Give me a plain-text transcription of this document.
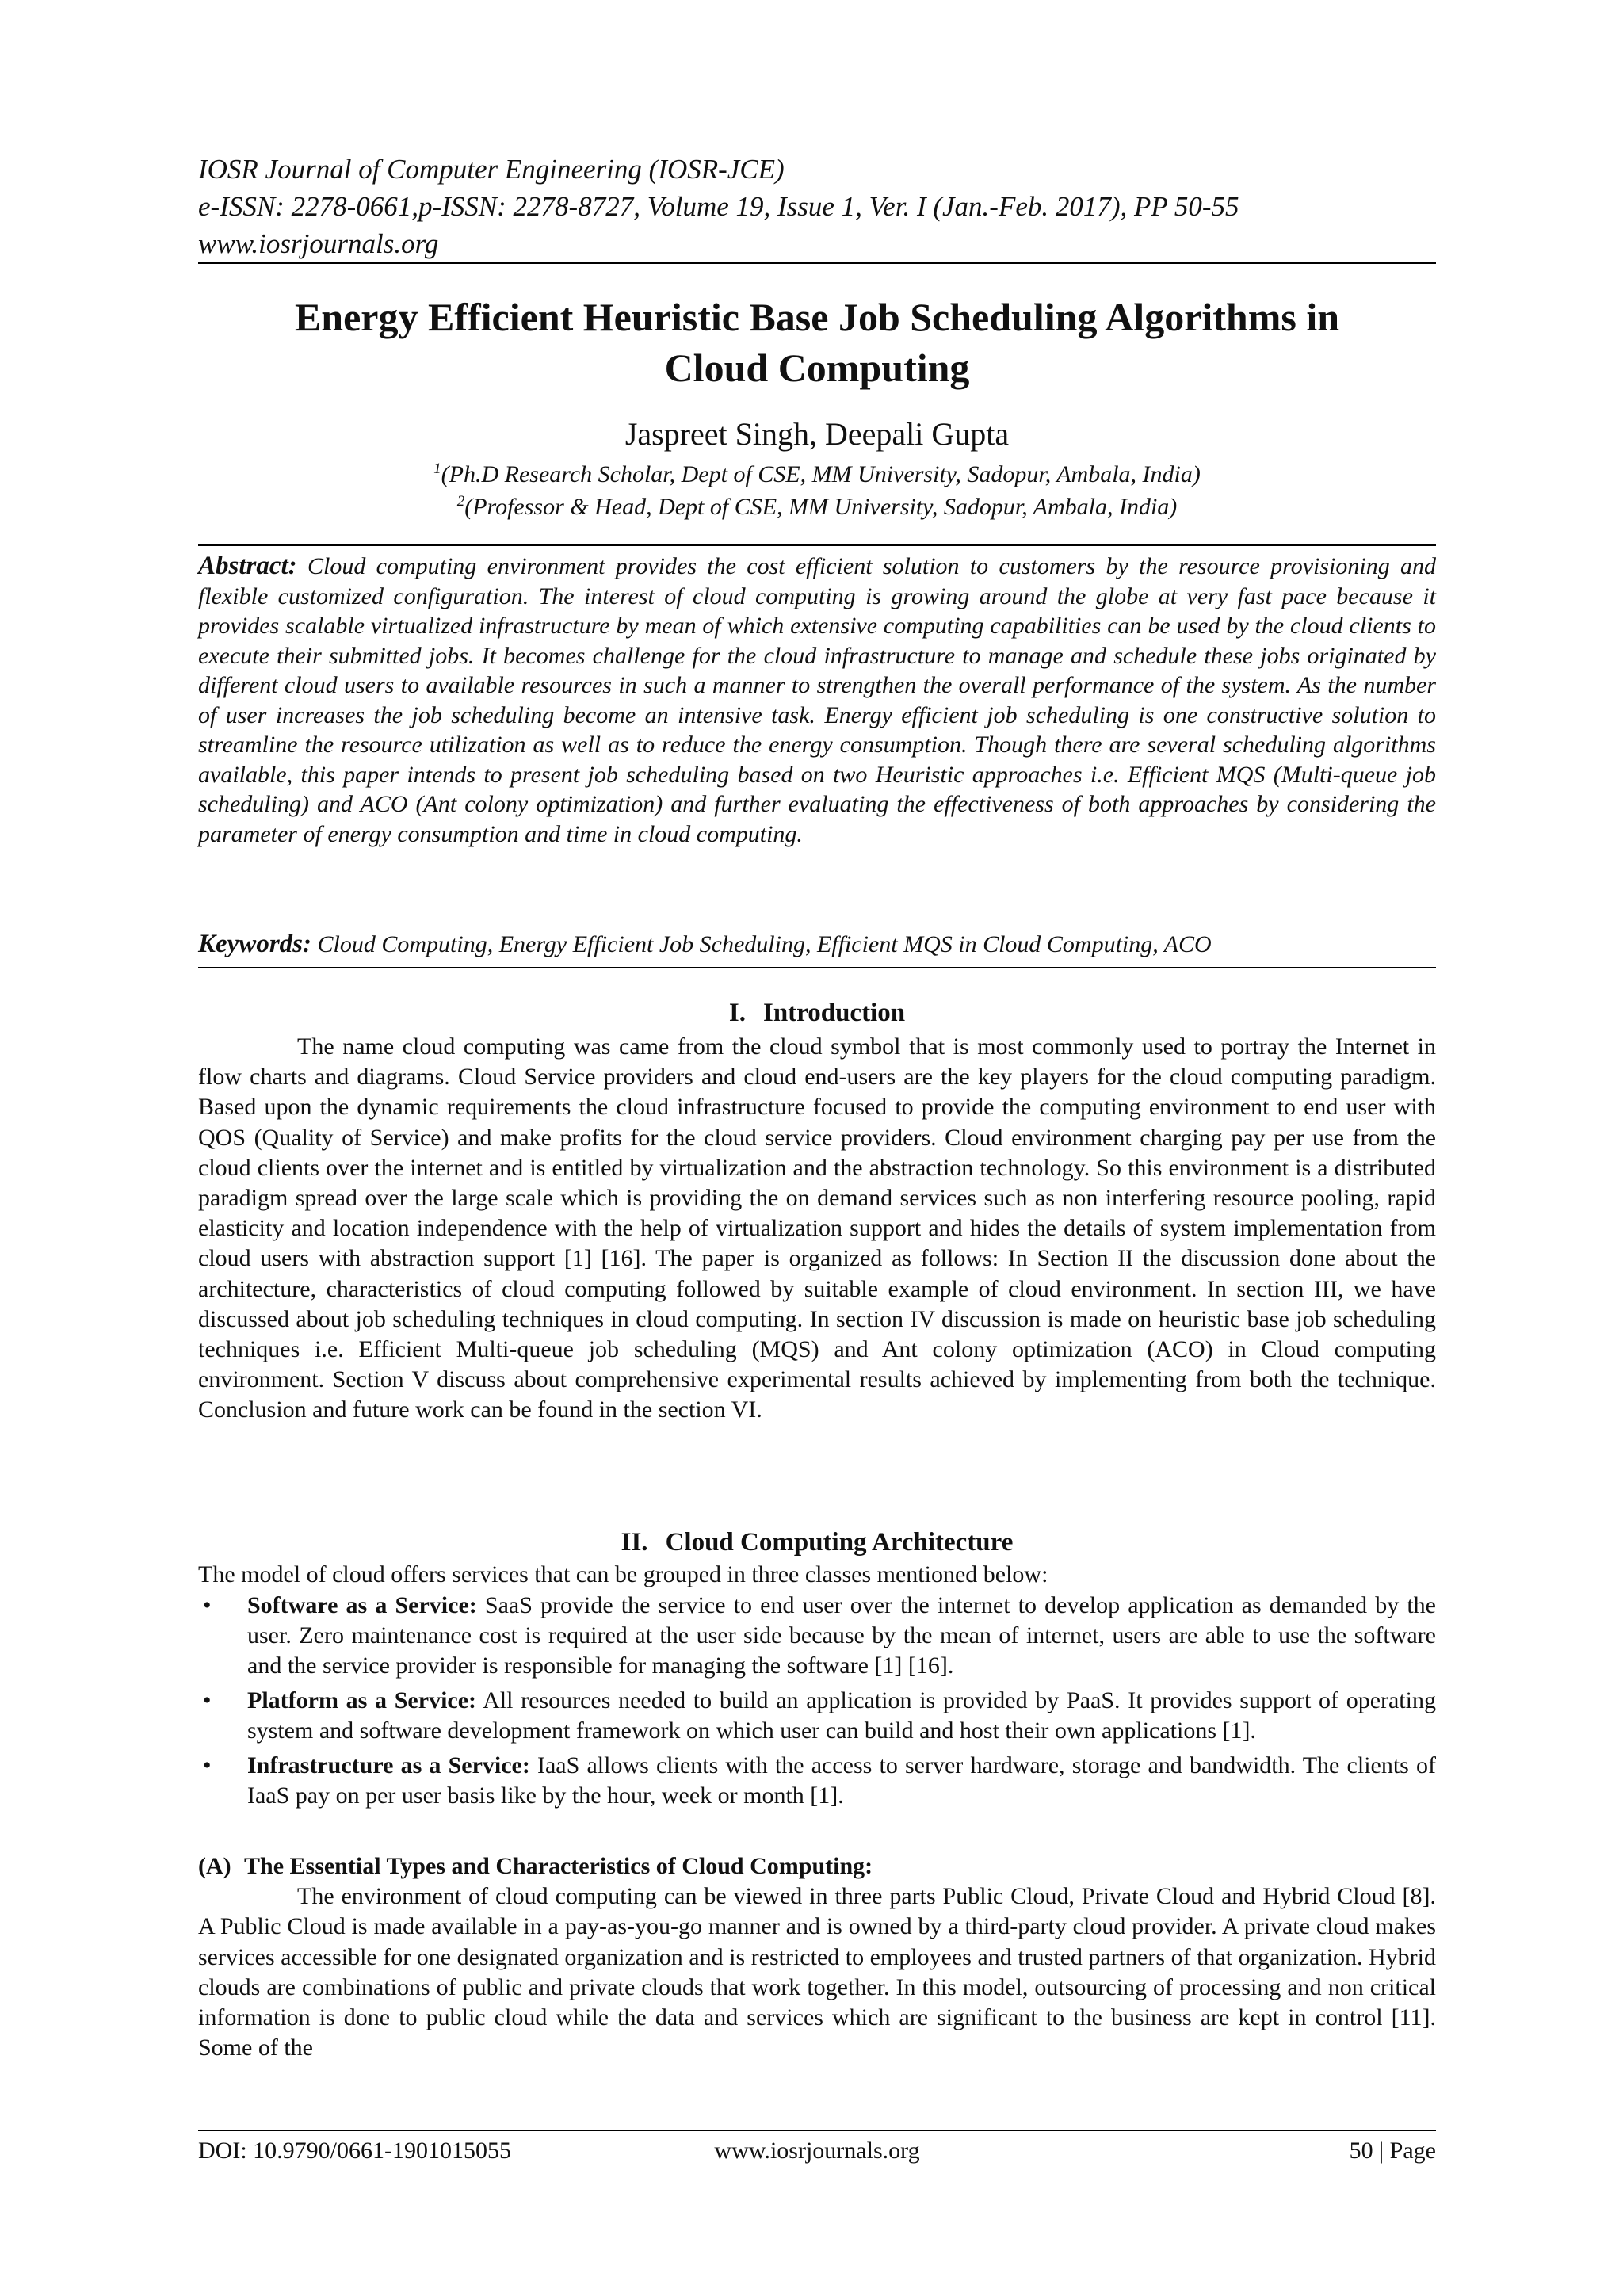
IOSR Journal of Computer Engineering (IOSR-JCE)
e-ISSN: 2278-0661,p-ISSN: 2278-8727, Volume 19, Issue 1, Ver. I (Jan.-Feb. 2017), PP 50-55
www.iosrjournals.org
Energy Efficient Heuristic Base Job Scheduling Algorithms in
Cloud Computing
Jaspreet Singh, Deepali Gupta
$^1$(Ph.D Research Scholar, Dept of CSE, MM University, Sadopur, Ambala, India)
$^2$(Professor & Head, Dept of CSE, MM University, Sadopur, Ambala, India)
Abstract: Cloud computing environment provides the cost efficient solution to customers by the resource provisioning and flexible customized configuration. The interest of cloud computing is growing around the globe at very fast pace because it provides scalable virtualized infrastructure by mean of which extensive computing capabilities can be used by the cloud clients to execute their submitted jobs. It becomes challenge for the cloud infrastructure to manage and schedule these jobs originated by different cloud users to available resources in such a manner to strengthen the overall performance of the system. As the number of user increases the job scheduling become an intensive task. Energy efficient job scheduling is one constructive solution to streamline the resource utilization as well as to reduce the energy consumption. Though there are several scheduling algorithms available, this paper intends to present job scheduling based on two Heuristic approaches i.e. Efficient MQS (Multi-queue job scheduling) and ACO (Ant colony optimization) and further evaluating the effectiveness of both approaches by considering the parameter of energy consumption and time in cloud computing.
Keywords: Cloud Computing, Energy Efficient Job Scheduling, Efficient MQS in Cloud Computing, ACO
I. Introduction
The name cloud computing was came from the cloud symbol that is most commonly used to portray the Internet in flow charts and diagrams. Cloud Service providers and cloud end-users are the key players for the cloud computing paradigm. Based upon the dynamic requirements the cloud infrastructure focused to provide the computing environment to end user with QOS (Quality of Service) and make profits for the cloud service providers. Cloud environment charging pay per use from the cloud clients over the internet and is entitled by virtualization and the abstraction technology. So this environment is a distributed paradigm spread over the large scale which is providing the on demand services such as non interfering resource pooling, rapid elasticity and location independence with the help of virtualization support and hides the details of system implementation from cloud users with abstraction support [1] [16]. The paper is organized as follows: In Section II the discussion done about the architecture, characteristics of cloud computing followed by suitable example of cloud environment. In section III, we have discussed about job scheduling techniques in cloud computing. In section IV discussion is made on heuristic base job scheduling techniques i.e. Efficient Multi-queue job scheduling (MQS) and Ant colony optimization (ACO) in Cloud computing environment. Section V discuss about comprehensive experimental results achieved by implementing from both the technique. Conclusion and future work can be found in the section VI.
II. Cloud Computing Architecture
The model of cloud offers services that can be grouped in three classes mentioned below:
• Software as a Service: SaaS provide the service to end user over the internet to develop application as demanded by the user. Zero maintenance cost is required at the user side because by the mean of internet, users are able to use the software and the service provider is responsible for managing the software [1] [16].
• Platform as a Service: All resources needed to build an application is provided by PaaS. It provides support of operating system and software development framework on which user can build and host their own applications [1].
• Infrastructure as a Service: IaaS allows clients with the access to server hardware, storage and bandwidth. The clients of IaaS pay on per user basis like by the hour, week or month [1].
(A) The Essential Types and Characteristics of Cloud Computing:
The environment of cloud computing can be viewed in three parts Public Cloud, Private Cloud and Hybrid Cloud [8]. A Public Cloud is made available in a pay-as-you-go manner and is owned by a third-party cloud provider. A private cloud makes services accessible for one designated organization and is restricted to employees and trusted partners of that organization. Hybrid clouds are combinations of public and private clouds that work together. In this model, outsourcing of processing and non critical information is done to public cloud while the data and services which are significant to the business are kept in control [11]. Some of the
DOI: 10.9790/0661-1901015055	www.iosrjournals.org	50 | Page
